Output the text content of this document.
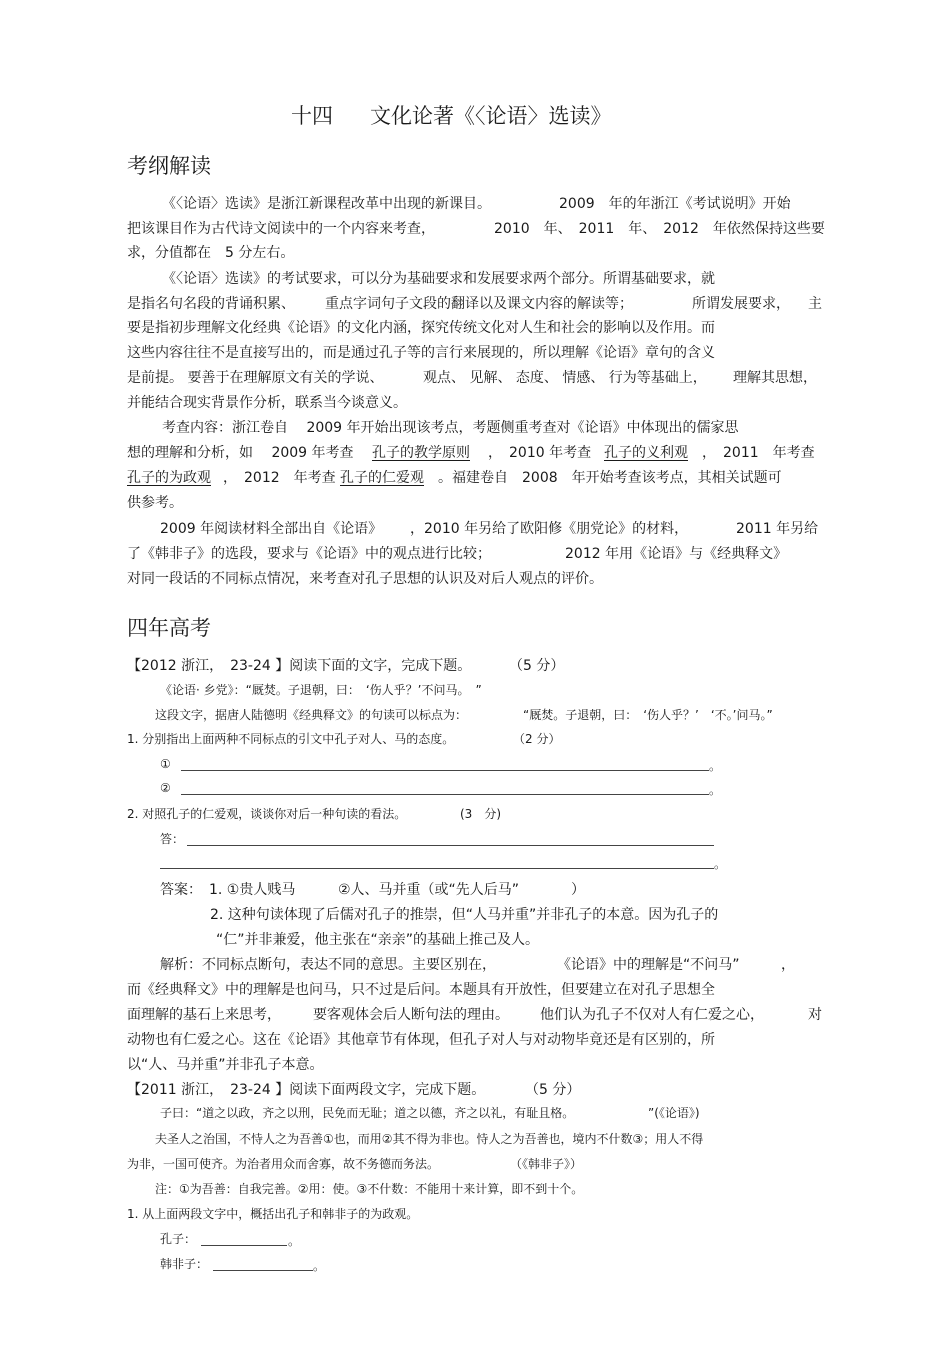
十四 文化论著《〈论语〉选读》
考纲解读
《〈论语〉选读》是浙江新课程改革中出现的新课目。	2009　年的年浙江《考试说明》开始
把该课目作为古代诗文阅读中的一个内容来考查，	2010　年、　2011　年、　2012　年依然保持这些要
求，分值都在　5 分左右。
《〈论语〉选读》的考试要求，可以分为基础要求和发展要求两个部分。所谓基础要求，就
是指名句名段的背诵积累、 重点字词句子文段的翻译以及课文内容的解读等；	所谓发展要求， 主
要是指初步理解文化经典《论语》的文化内涵，探究传统文化对人生和社会的影响以及作用。而
这些内容往往不是直接写出的，而是通过孔子等的言行来展现的，所以理解《论语》章句的含义
是前提。 要善于在理解原文有关的学说、	观点、 见解、 态度、 情感、 行为等基础上， 理解其思想，
并能结合现实背景作分析，联系当今谈意义。
考查内容：浙江卷自　 2009 年开始出现该考点，考题侧重考查对《论语》中体现出的儒家思
想的理解和分析，如　 2009 年考查 孔子的教学原则 ，　2010 年考查 孔子的义利观 ，　2011　年考查
孔子的为政观 ，　2012　年考查 孔子的仁爱观 。福建卷自　2008　年开始考查该考点，其相关试题可
供参考。
2009 年阅读材料全部出自《论语》 ，2010 年另给了欧阳修《朋党论》的材料，	2011 年另给
了《韩非子》的选段，要求与《论语》中的观点进行比较；	2012 年用《论语》与《经典释文》
对同一段话的不同标点情况，来考查对孔子思想的认识及对后人观点的评价。
四年高考
【2012 浙江，　23-24 】阅读下面的文字，完成下题。	（5 分）
《论语· 乡党》：“厩焚。子退朝，曰：　‘伤人乎？’不问马。　”
这段文字，据唐人陆德明《经典释文》的句读可以标点为：	“厩焚。子退朝，曰：　‘伤人乎？’　‘不。’问马。”
1. 分别指出上面两种不同标点的引文中孔子对人、马的态度。	（2 分）
①	。
②	。
2. 对照孔子的仁爱观，谈谈你对后一种句读的看法。	(3　分)
答：
。
答案：　1. ①贵人贱马	②人、马并重（或“先人后马”	）
2. 这种句读体现了后儒对孔子的推崇，但“人马并重”并非孔子的本意。因为孔子的
“仁”并非兼爱，他主张在“亲亲”的基础上推己及人。
解析：不同标点断句，表达不同的意思。主要区别在，	《论语》中的理解是“不问马”	，
而《经典释文》中的理解是也问马，只不过是后问。本题具有开放性，但要建立在对孔子思想全
面理解的基石上来思考， 要客观体会后人断句法的理由。 他们认为孔子不仅对人有仁爱之心，	对
动物也有仁爱之心。这在《论语》其他章节有体现，但孔子对人与对动物毕竟还是有区别的，所
以“人、马并重”并非孔子本意。
【2011 浙江，　23-24 】阅读下面两段文字，完成下题。	（5 分）
子曰：“道之以政，齐之以刑，民免而无耻；道之以德，齐之以礼，有耻且格。	”(《论语》)
夫圣人之治国，不恃人之为吾善①也，而用②其不得为非也。恃人之为吾善也，境内不什数③；用人不得
为非，一国可使齐。为治者用众而舍寡，故不务德而务法。	（《韩非子》）
注：①为吾善：自我完善。②用：使。③不什数：不能用十来计算，即不到十个。
1. 从上面两段文字中，概括出孔子和韩非子的为政观。
孔子：	。
韩非子：	。
